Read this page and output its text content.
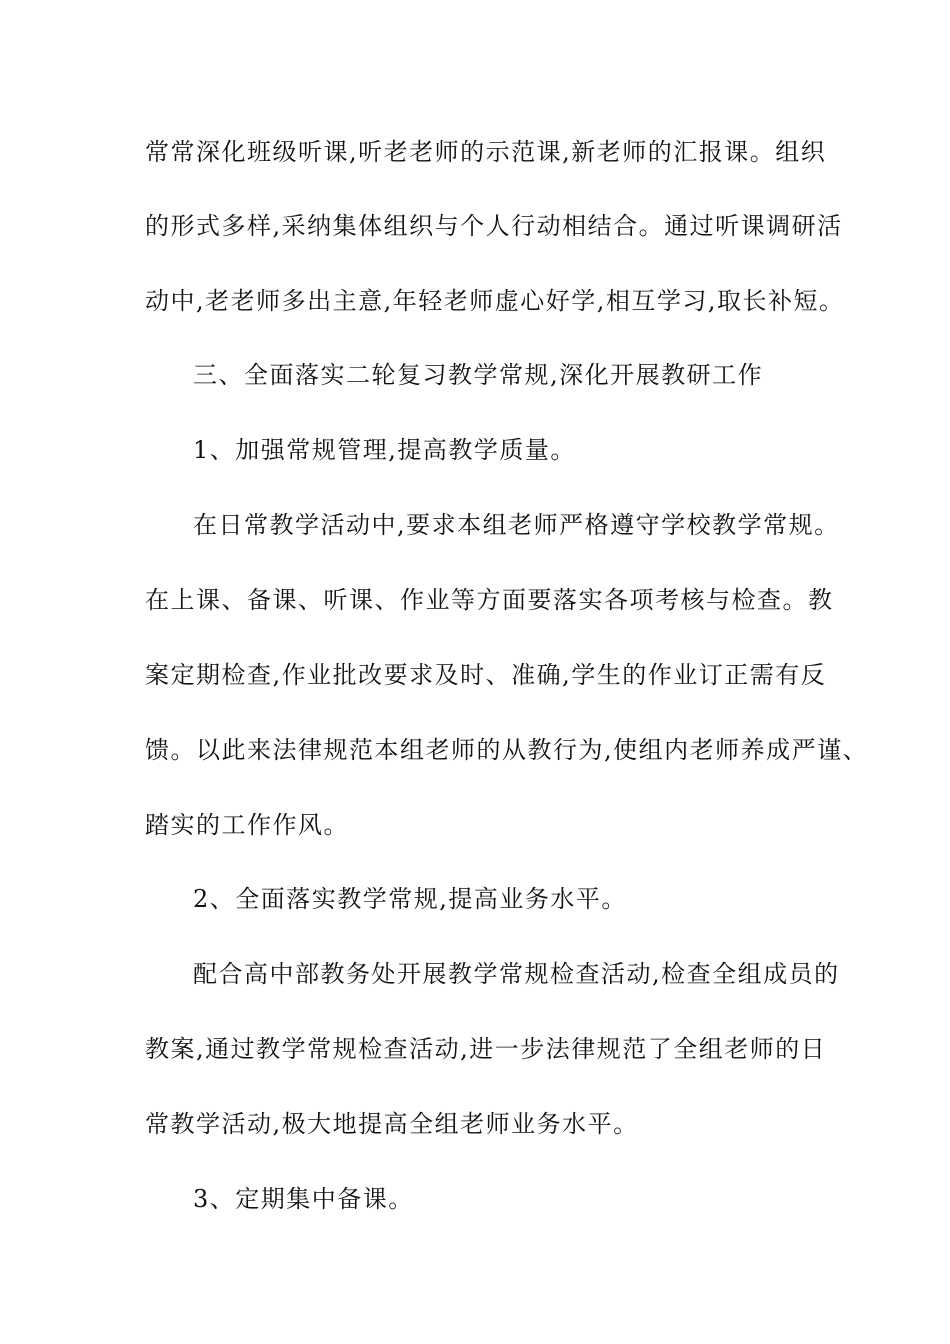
常常深化班级听课,听老老师的示范课,新老师的汇报课。组织
的形式多样,采纳集体组织与个人行动相结合。通过听课调研活
动中,老老师多出主意,年轻老师虚心好学,相互学习,取长补短。
三、全面落实二轮复习教学常规,深化开展教研工作
1、加强常规管理,提高教学质量。
在日常教学活动中,要求本组老师严格遵守学校教学常规。
在上课、备课、听课、作业等方面要落实各项考核与检查。教
案定期检查,作业批改要求及时、准确,学生的作业订正需有反
馈。以此来法律规范本组老师的从教行为,使组内老师养成严谨、
踏实的工作作风。
2、全面落实教学常规,提高业务水平。
配合高中部教务处开展教学常规检查活动,检查全组成员的
教案,通过教学常规检查活动,进一步法律规范了全组老师的日
常教学活动,极大地提高全组老师业务水平。
3、定期集中备课。
